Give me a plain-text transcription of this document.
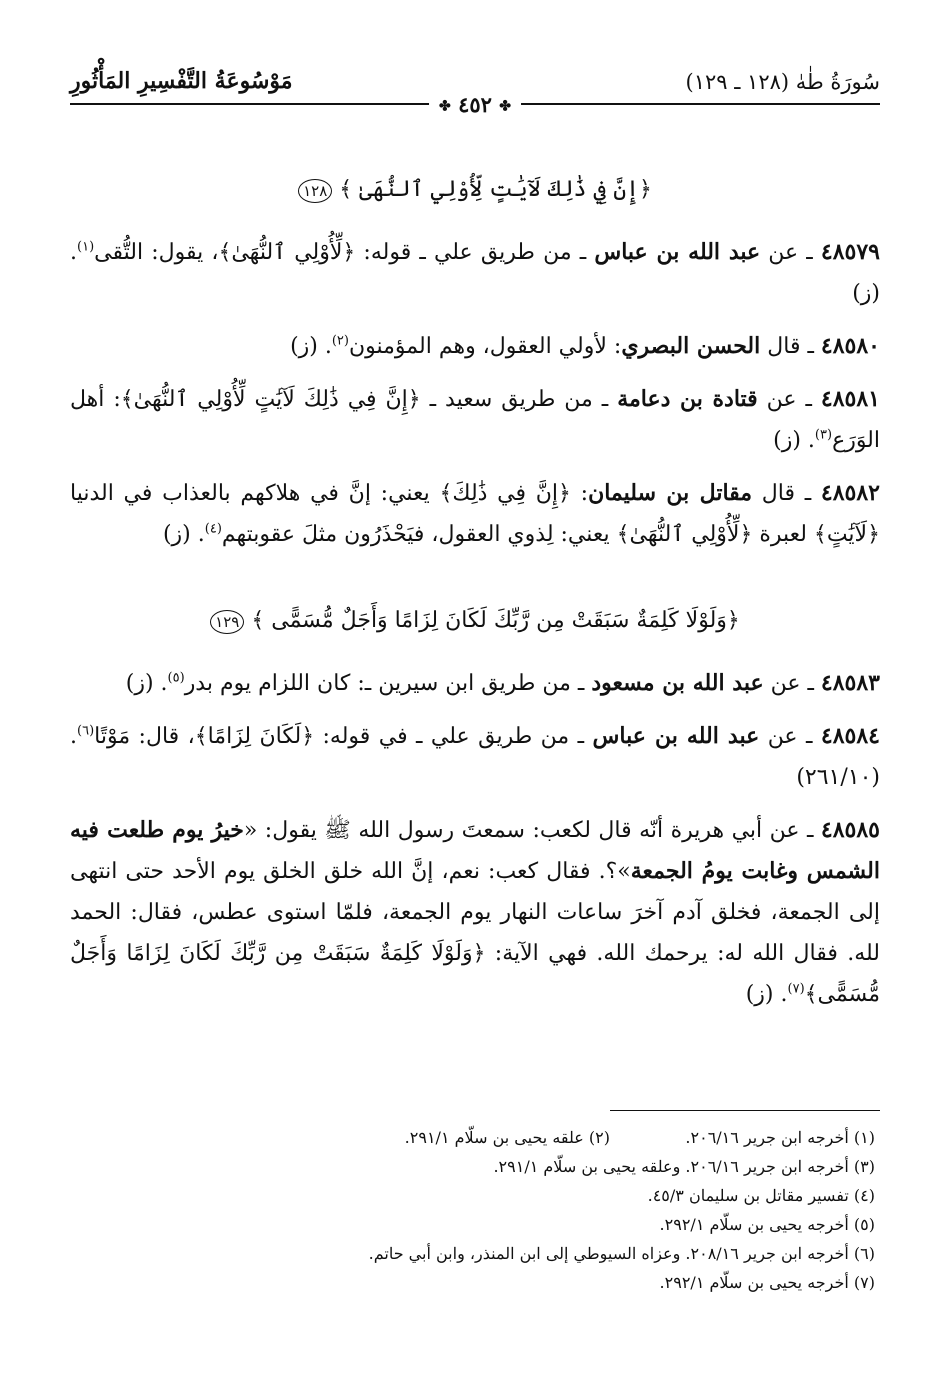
سُورَةُ طٰهٰ (١٢٨ ـ ١٢٩)
مَوْسُوعَةُ التَّفْسِيرِ المَأْثُورِ
✤ ٤٥٢ ✤
﴿إِنَّ فِي ذَٰلِكَ لَآيَٰتٍ لِّأُوْلِي ٱلنُّهَىٰ ﴾ ١٢٨

٤٨٥٧٩ ـ عن عبد الله بن عباس ـ من طريق علي ـ قوله: ﴿لِّأُوْلِي ٱلنُّهَىٰ﴾، يقول: التُّقى$^{(١)}$. (ز)

٤٨٥٨٠ ـ قال الحسن البصري: لأولي العقول، وهم المؤمنون$^{(٢)}$. (ز)

٤٨٥٨١ ـ عن قتادة بن دعامة ـ من طريق سعيد ـ ﴿إِنَّ فِي ذَٰلِكَ لَآيَٰتٍ لِّأُوْلِي ٱلنُّهَىٰ﴾: أهل الوَرَع$^{(٣)}$. (ز)

٤٨٥٨٢ ـ قال مقاتل بن سليمان: ﴿إِنَّ فِي ذَٰلِكَ﴾ يعني: إنَّ في هلاكهم بالعذاب في الدنيا ﴿لَآيَٰتٍ﴾ لعبرة ﴿لِّأُوْلِي ٱلنُّهَىٰ﴾ يعني: لِذوي العقول، فيَحْذَرُون مثلَ عقوبتهم$^{(٤)}$. (ز)

﴿وَلَوْلَا كَلِمَةٌ سَبَقَتْ مِن رَّبِّكَ لَكَانَ لِزَامًا وَأَجَلٌ مُّسَمًّى ﴾ ١٢٩

٤٨٥٨٣ ـ عن عبد الله بن مسعود ـ من طريق ابن سيرين ـ: كان اللزام يوم بدر$^{(٥)}$. (ز)

٤٨٥٨٤ ـ عن عبد الله بن عباس ـ من طريق علي ـ في قوله: ﴿لَكَانَ لِزَامًا﴾، قال: مَوْتًا$^{(٦)}$. (٢٦١/١٠)

٤٨٥٨٥ ـ عن أبي هريرة أنّه قال لكعب: سمعتَ رسول الله ﷺ يقول: «خيرُ يوم طلعت فيه الشمس وغابت يومُ الجمعة»؟. فقال كعب: نعم، إنَّ الله خلق الخلق يوم الأحد حتى انتهى إلى الجمعة، فخلق آدم آخرَ ساعات النهار يوم الجمعة، فلمّا استوى عطس، فقال: الحمد لله. فقال الله له: يرحمك الله. فهي الآية: ﴿وَلَوْلَا كَلِمَةٌ سَبَقَتْ مِن رَّبِّكَ لَكَانَ لِزَامًا وَأَجَلٌ مُّسَمًّى﴾$^{(٧)}$. (ز)

(١) أخرجه ابن جرير ٢٠٦/١٦.
(٢) علقه يحيى بن سلّام ٢٩١/١.
(٣) أخرجه ابن جرير ٢٠٦/١٦. وعلقه يحيى بن سلّام ٢٩١/١.
(٤) تفسير مقاتل بن سليمان ٤٥/٣.
(٥) أخرجه يحيى بن سلّام ٢٩٢/١.
(٦) أخرجه ابن جرير ٢٠٨/١٦. وعزاه السيوطي إلى ابن المنذر، وابن أبي حاتم.
(٧) أخرجه يحيى بن سلّام ٢٩٢/١.
